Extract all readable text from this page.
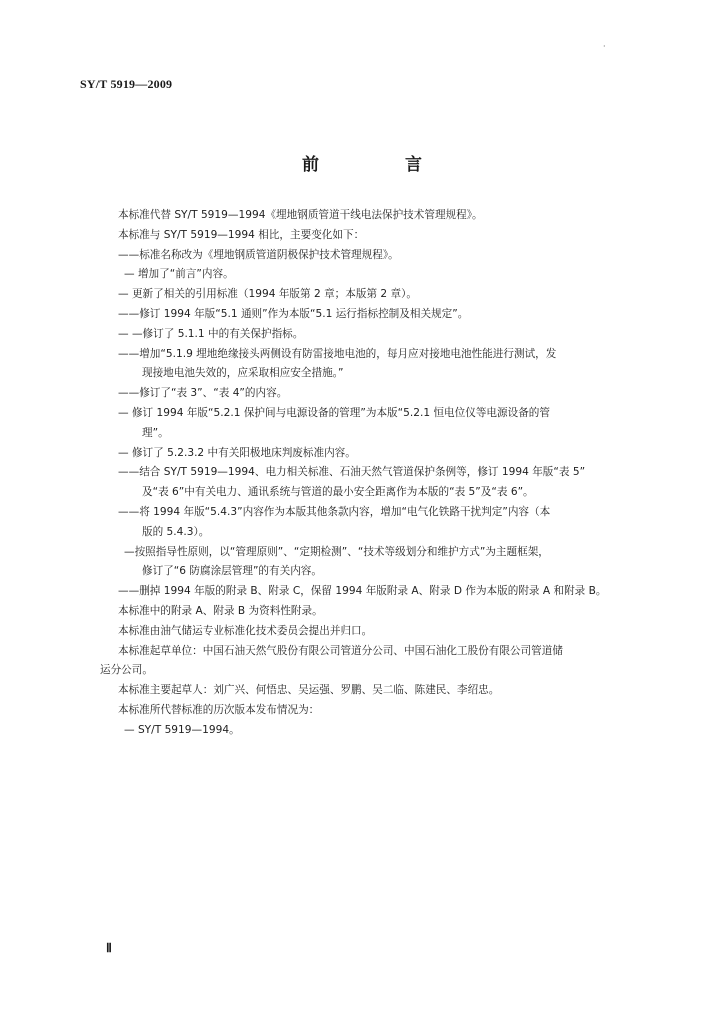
·
SY/T 5919—2009
前 言
本标准代替 SY/T 5919—1994《埋地钢质管道干线电法保护技术管理规程》。
本标准与 SY/T 5919—1994 相比，主要变化如下：
——标准名称改为《埋地钢质管道阴极保护技术管理规程》。
— 增加了“前言”内容。
— 更新了相关的引用标准（1994 年版第 2 章；本版第 2 章）。
——修订 1994 年版“5.1 通则”作为本版“5.1 运行指标控制及相关规定”。
— —修订了 5.1.1 中的有关保护指标。
——增加“5.1.9 埋地绝缘接头两侧设有防雷接地电池的，每月应对接地电池性能进行测试，发
现接地电池失效的，应采取相应安全措施。”
——修订了“表 3”、“表 4”的内容。
— 修订 1994 年版“5.2.1 保护间与电源设备的管理”为本版“5.2.1 恒电位仪等电源设备的管
理”。
— 修订了 5.2.3.2 中有关阳极地床判废标准内容。
——结合 SY/T 5919—1994、电力相关标准、石油天然气管道保护条例等，修订 1994 年版“表 5”
及“表 6”中有关电力、通讯系统与管道的最小安全距离作为本版的“表 5”及“表 6”。
——将 1994 年版“5.4.3”内容作为本版其他条款内容，增加“电气化铁路干扰判定”内容（本
版的 5.4.3）。
—按照指导性原则，以“管理原则”、“定期检测”、“技术等级划分和维护方式”为主题框架，
修订了“6 防腐涂层管理”的有关内容。
——删掉 1994 年版的附录 B、附录 C，保留 1994 年版附录 A、附录 D 作为本版的附录 A 和附录 B。
本标准中的附录 A、附录 B 为资料性附录。
本标准由油气储运专业标准化技术委员会提出并归口。
本标准起草单位：中国石油天然气股份有限公司管道分公司、中国石油化工股份有限公司管道储
运分公司。
本标准主要起草人：刘广兴、何悟忠、吴运强、罗鹏、吴二临、陈建民、李绍忠。
本标准所代替标准的历次版本发布情况为：
— SY/T 5919—1994。
Ⅱ
